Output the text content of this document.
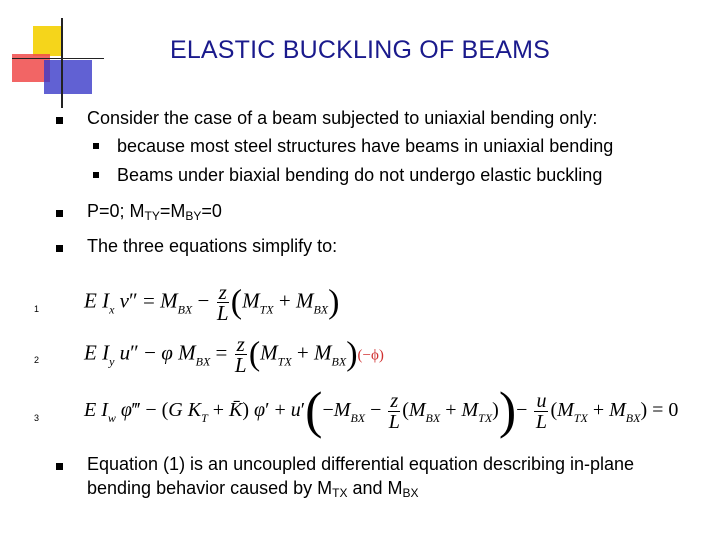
ELASTIC BUCKLING OF BEAMS
Consider the case of a beam subjected to uniaxial bending only:
because most steel structures have beams in uniaxial bending
Beams under biaxial bending do not undergo elastic buckling
P=0; $M_{TY}=M_{BY}=0$
The three equations simplify to:
1 E $I_x$ $v'' = M_{BX} - \frac{z}{L} (M_{TX} + M_{BX})$
2 E $I_y$ u″ − φ $M_{BX} = \frac{z}{L} (M_{TX} + M_{BX})(-\phi)$
3 E $I_w$ φ‴ − (G $K_T$ + K̄) $\varphi' + u'(-M_{BX} - \frac{z}{L} (M_{BX} + M_{TX}))- \frac{u}{L} (M_{TX} + M_{BX}) = 0$
Equation (1) is an uncoupled differential equation describing in-plane
bending behavior caused by $M_{TX}$ and $M_{BX}$
